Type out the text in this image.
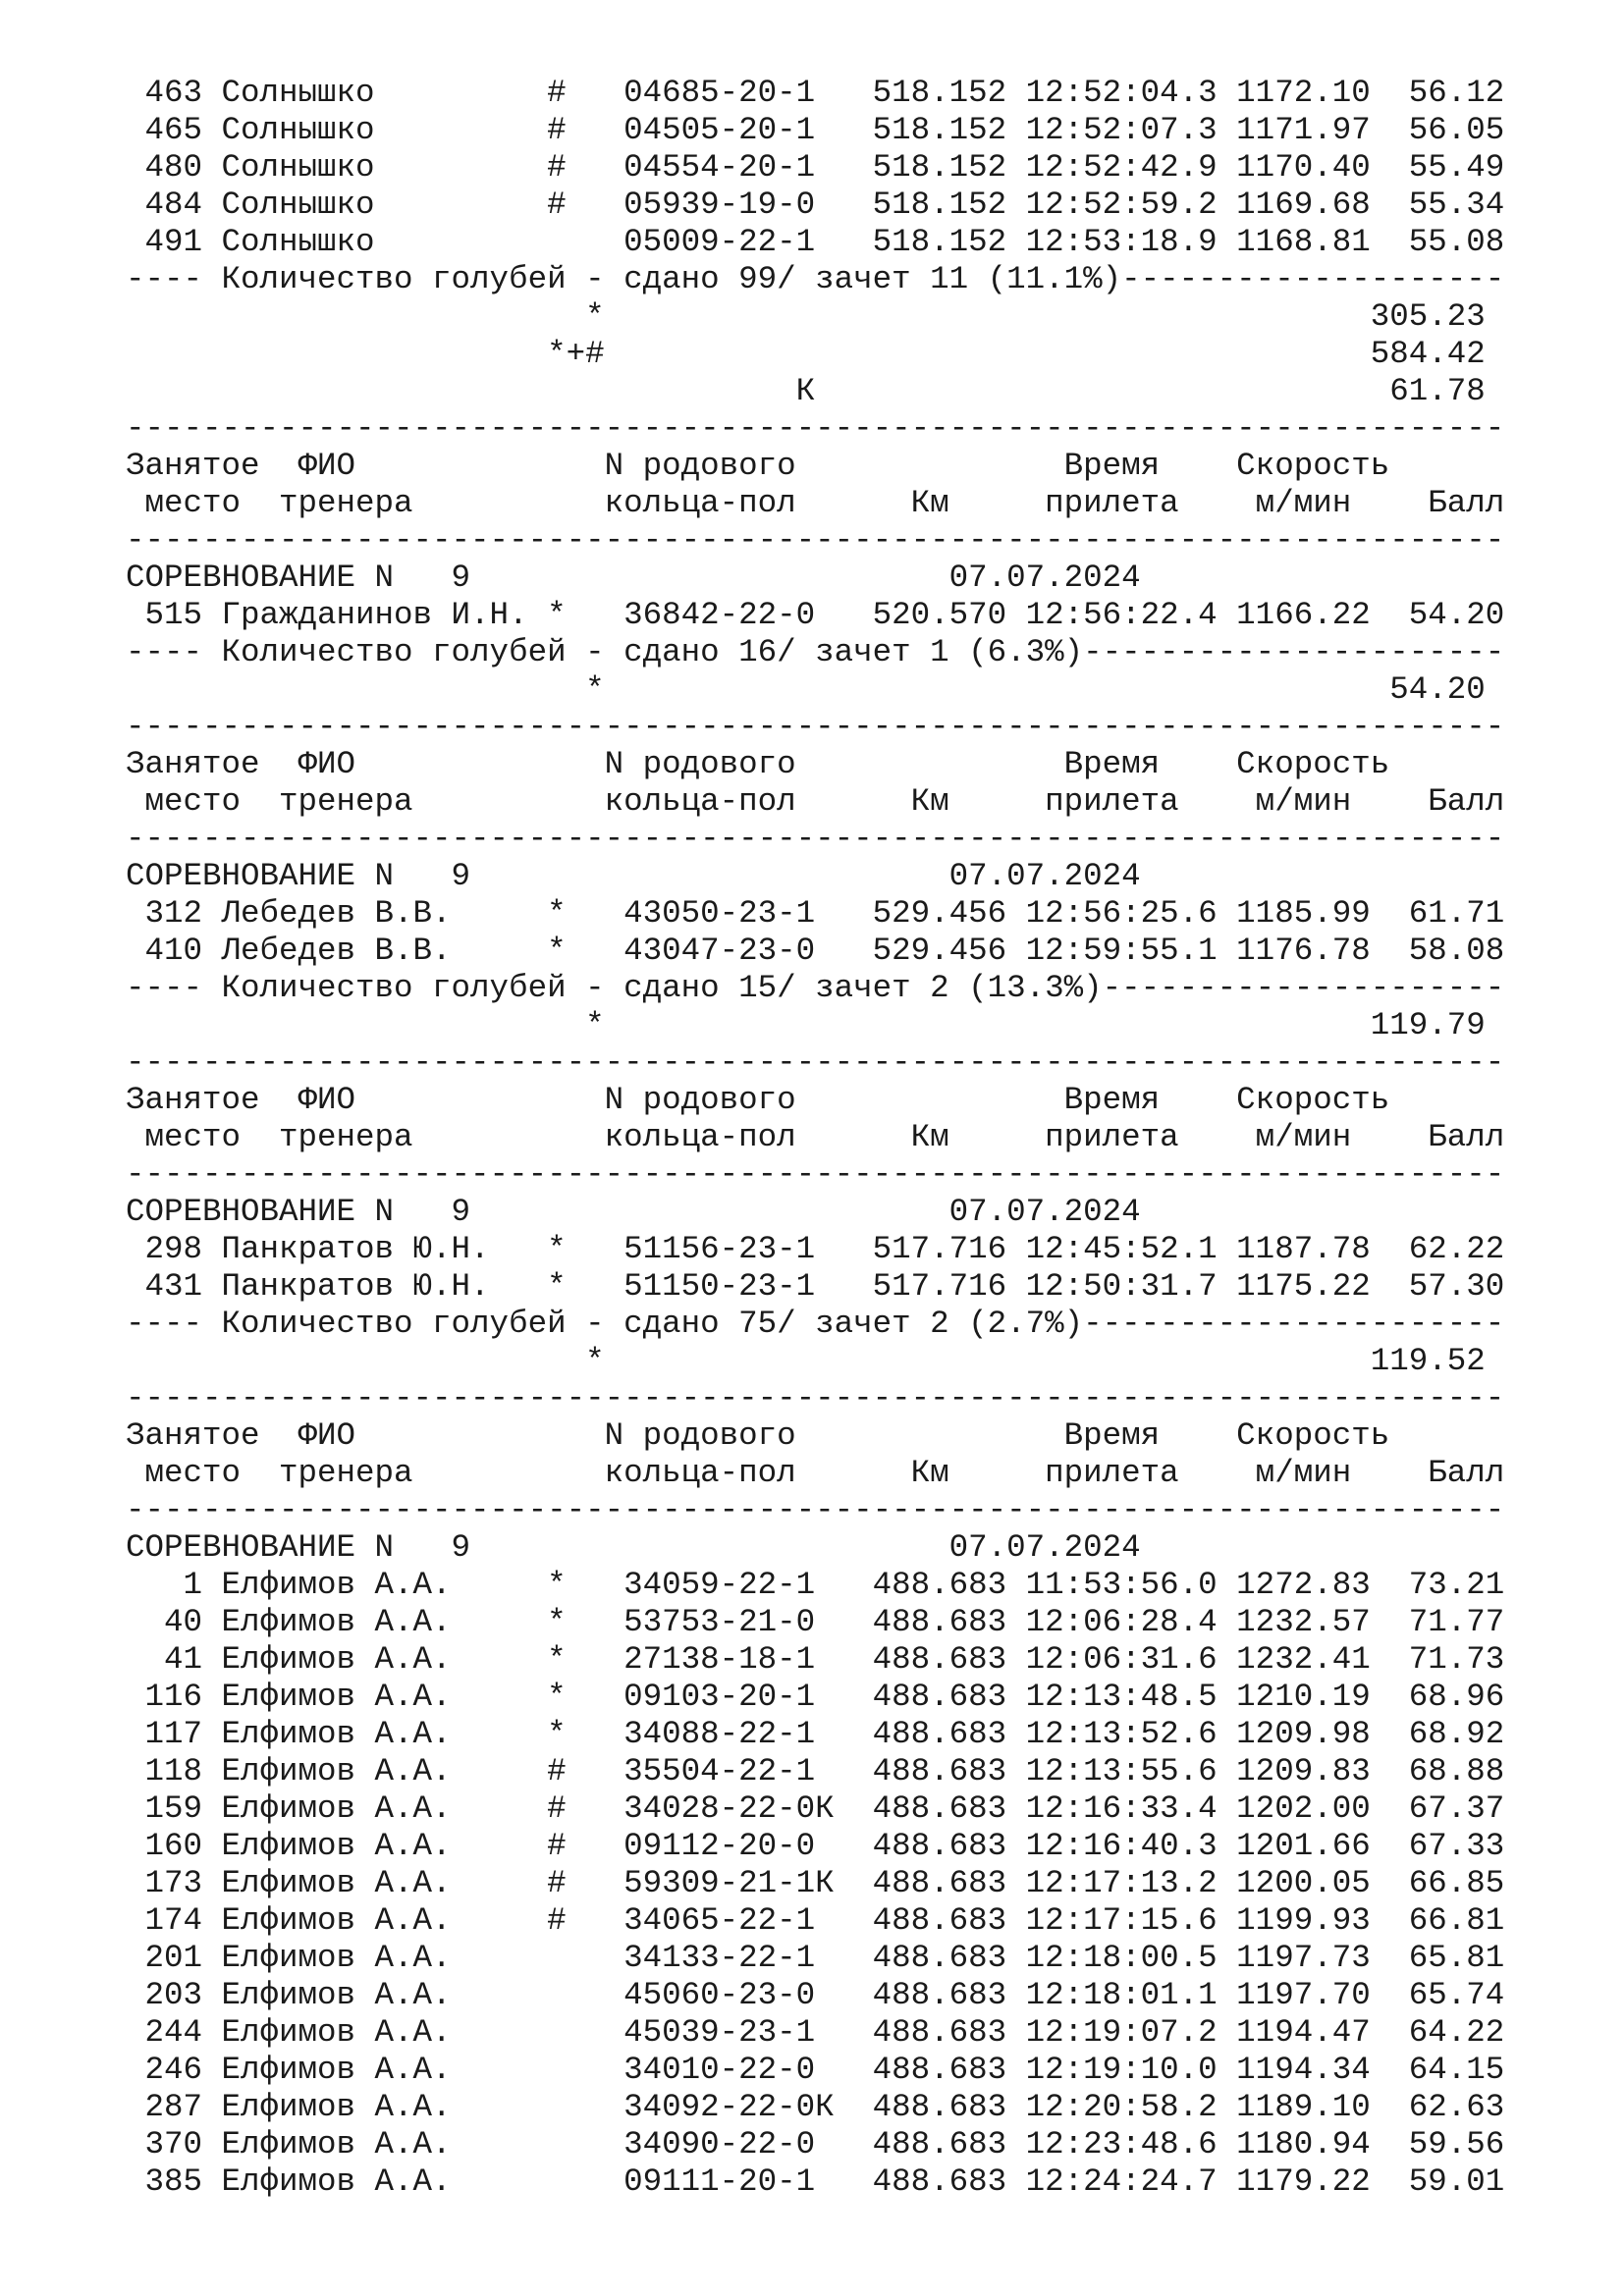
463 Солнышко         #   04685-20-1   518.152 12:52:04.3 1172.10  56.12
465 Солнышко         #   04505-20-1   518.152 12:52:07.3 1171.97  56.05
480 Солнышко         #   04554-20-1   518.152 12:52:42.9 1170.40  55.49
484 Солнышко         #   05939-19-0   518.152 12:52:59.2 1169.68  55.34
491 Солнышко             05009-22-1   518.152 12:53:18.9 1168.81  55.08
---- Количество голубей - сдано 99/ зачет 11 (11.1%)--------------------
*                                        305.23
*+#                                        584.42
К                              61.78
------------------------------------------------------------------------
Занятое  ФИО             N родового              Время    Скорость
место  тренера          кольца-пол      Км     прилета    м/мин    Балл
------------------------------------------------------------------------
СОРЕВНОВАНИЕ N   9                         07.07.2024
515 Гражданинов И.Н. *   36842-22-0   520.570 12:56:22.4 1166.22  54.20
---- Количество голубей - сдано 16/ зачет 1 (6.3%)----------------------
*                                         54.20
------------------------------------------------------------------------
Занятое  ФИО             N родового              Время    Скорость
место  тренера          кольца-пол      Км     прилета    м/мин    Балл
------------------------------------------------------------------------
СОРЕВНОВАНИЕ N   9                         07.07.2024
312 Лебедев В.В.     *   43050-23-1   529.456 12:56:25.6 1185.99  61.71
410 Лебедев В.В.     *   43047-23-0   529.456 12:59:55.1 1176.78  58.08
---- Количество голубей - сдано 15/ зачет 2 (13.3%)---------------------
*                                        119.79
------------------------------------------------------------------------
Занятое  ФИО             N родового              Время    Скорость
место  тренера          кольца-пол      Км     прилета    м/мин    Балл
------------------------------------------------------------------------
СОРЕВНОВАНИЕ N   9                         07.07.2024
298 Панкратов Ю.Н.   *   51156-23-1   517.716 12:45:52.1 1187.78  62.22
431 Панкратов Ю.Н.   *   51150-23-1   517.716 12:50:31.7 1175.22  57.30
---- Количество голубей - сдано 75/ зачет 2 (2.7%)----------------------
*                                        119.52
------------------------------------------------------------------------
Занятое  ФИО             N родового              Время    Скорость
место  тренера          кольца-пол      Км     прилета    м/мин    Балл
------------------------------------------------------------------------
СОРЕВНОВАНИЕ N   9                         07.07.2024
1 Елфимов А.А.     *   34059-22-1   488.683 11:53:56.0 1272.83  73.21
40 Елфимов А.А.     *   53753-21-0   488.683 12:06:28.4 1232.57  71.77
41 Елфимов А.А.     *   27138-18-1   488.683 12:06:31.6 1232.41  71.73
116 Елфимов А.А.     *   09103-20-1   488.683 12:13:48.5 1210.19  68.96
117 Елфимов А.А.     *   34088-22-1   488.683 12:13:52.6 1209.98  68.92
118 Елфимов А.А.     #   35504-22-1   488.683 12:13:55.6 1209.83  68.88
159 Елфимов А.А.     #   34028-22-0К  488.683 12:16:33.4 1202.00  67.37
160 Елфимов А.А.     #   09112-20-0   488.683 12:16:40.3 1201.66  67.33
173 Елфимов А.А.     #   59309-21-1К  488.683 12:17:13.2 1200.05  66.85
174 Елфимов А.А.     #   34065-22-1   488.683 12:17:15.6 1199.93  66.81
201 Елфимов А.А.         34133-22-1   488.683 12:18:00.5 1197.73  65.81
203 Елфимов А.А.         45060-23-0   488.683 12:18:01.1 1197.70  65.74
244 Елфимов А.А.         45039-23-1   488.683 12:19:07.2 1194.47  64.22
246 Елфимов А.А.         34010-22-0   488.683 12:19:10.0 1194.34  64.15
287 Елфимов А.А.         34092-22-0К  488.683 12:20:58.2 1189.10  62.63
370 Елфимов А.А.         34090-22-0   488.683 12:23:48.6 1180.94  59.56
385 Елфимов А.А.         09111-20-1   488.683 12:24:24.7 1179.22  59.01
